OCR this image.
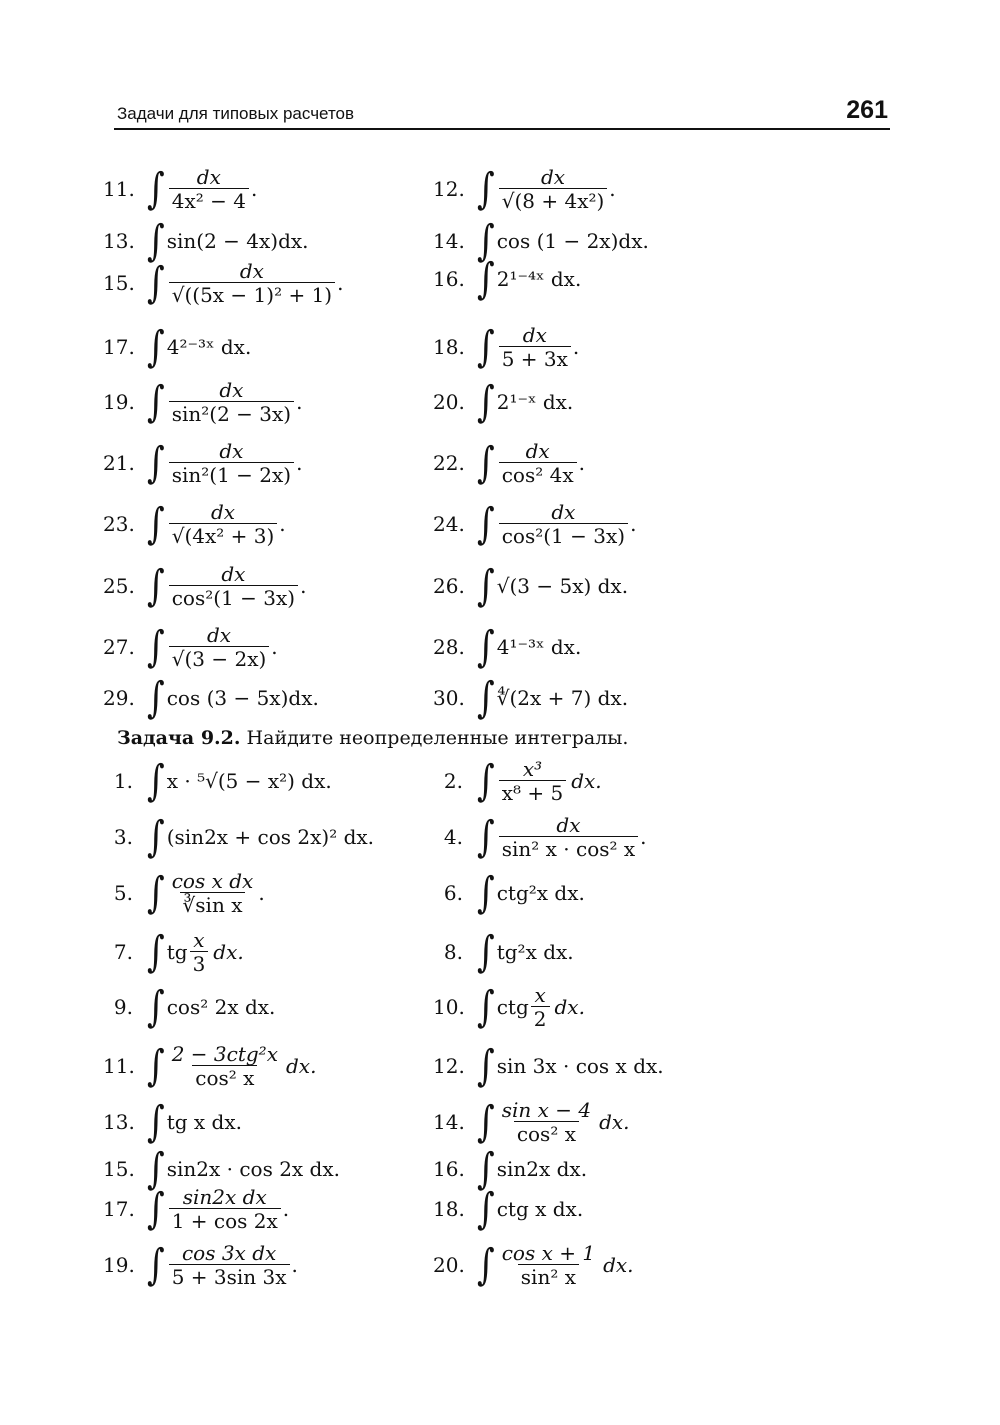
Задачи для типовых расчетов	261
11. ∫ $\frac{dx}{\text{4x² − 4}}$ .	12. ∫ $\frac{dx}{\text{√(8 + 4x²)}}$ .
13. ∫ sin(2 − 4x)dx.	14. ∫ cos (1 − 2x)dx.
15. ∫ $\frac{dx}{\text{√((5x − 1)² + 1)}}$ .	16. ∫ 2¹⁻⁴ˣ dx.
17. ∫ 4²⁻³ˣ dx.	18. ∫ $\frac{dx}{5 + 3x}$ .
19. ∫ $\frac{dx}{\text{sin²(2 − 3x)}}$ .	20. ∫ 2¹⁻ˣ dx.
21. ∫ $\frac{dx}{\text{sin²(1 − 2x)}}$ .	22. ∫ $\frac{dx}{\text{cos² 4x}}$ .
23. ∫ $\frac{dx}{\text{√(4x² + 3)}}$ .	24. ∫ $\frac{dx}{\text{cos²(1 − 3x)}}$ .
25. ∫ $\frac{dx}{\text{cos²(1 − 3x)}}$ .	26. ∫ √(3 − 5x) dx.
27. ∫ $\frac{dx}{√(3 - 2x)}$ .	28. ∫ 4¹⁻³ˣ dx.
29. ∫ cos (3 − 5x)dx.	30. ∫ ∜(2x + 7) dx.
Задача 9.2. Найдите неопределенные интегралы.
1. ∫ x · ⁵√(5 − x²) dx.	2. ∫ $\frac{\text{x³}}{\text{x⁸ + 5}}$ dx.
3. ∫ (sin2x + cos 2x)² dx.	4. ∫ $\frac{dx}{\text{sin² x · cos² x}}$ .
5. ∫ $\frac{\text{cos x dx}}{\text{∛sin x}}$ .	6. ∫ ctg²x dx.
7. ∫ tg $\frac{x}{3}$ dx.	8. ∫ tg²x dx.
9. ∫ cos² 2x dx.	10. ∫ ctg $\frac{x}{2}$ dx.
11. ∫ $\frac{\text{2 − 3ctg²x}}{\text{cos² x}}$ dx.	12. ∫ sin 3x · cos x dx.
13. ∫ tg x dx.	14. ∫ $\frac{\text{sin x − 4}}{\text{cos² x}}$ dx.
15. ∫ sin2x · cos 2x dx.	16. ∫ sin2x dx.
17. ∫ $\frac{\text{sin2x dx}}{1 + \cos 2x}$ .	18. ∫ ctg x dx.
19. ∫ $\frac{\text{cos 3x dx}}{5 + 3\sin 3x}$ .	20. ∫ $\frac{\text{cos x + 1}}{\text{sin² x}}$ dx.
